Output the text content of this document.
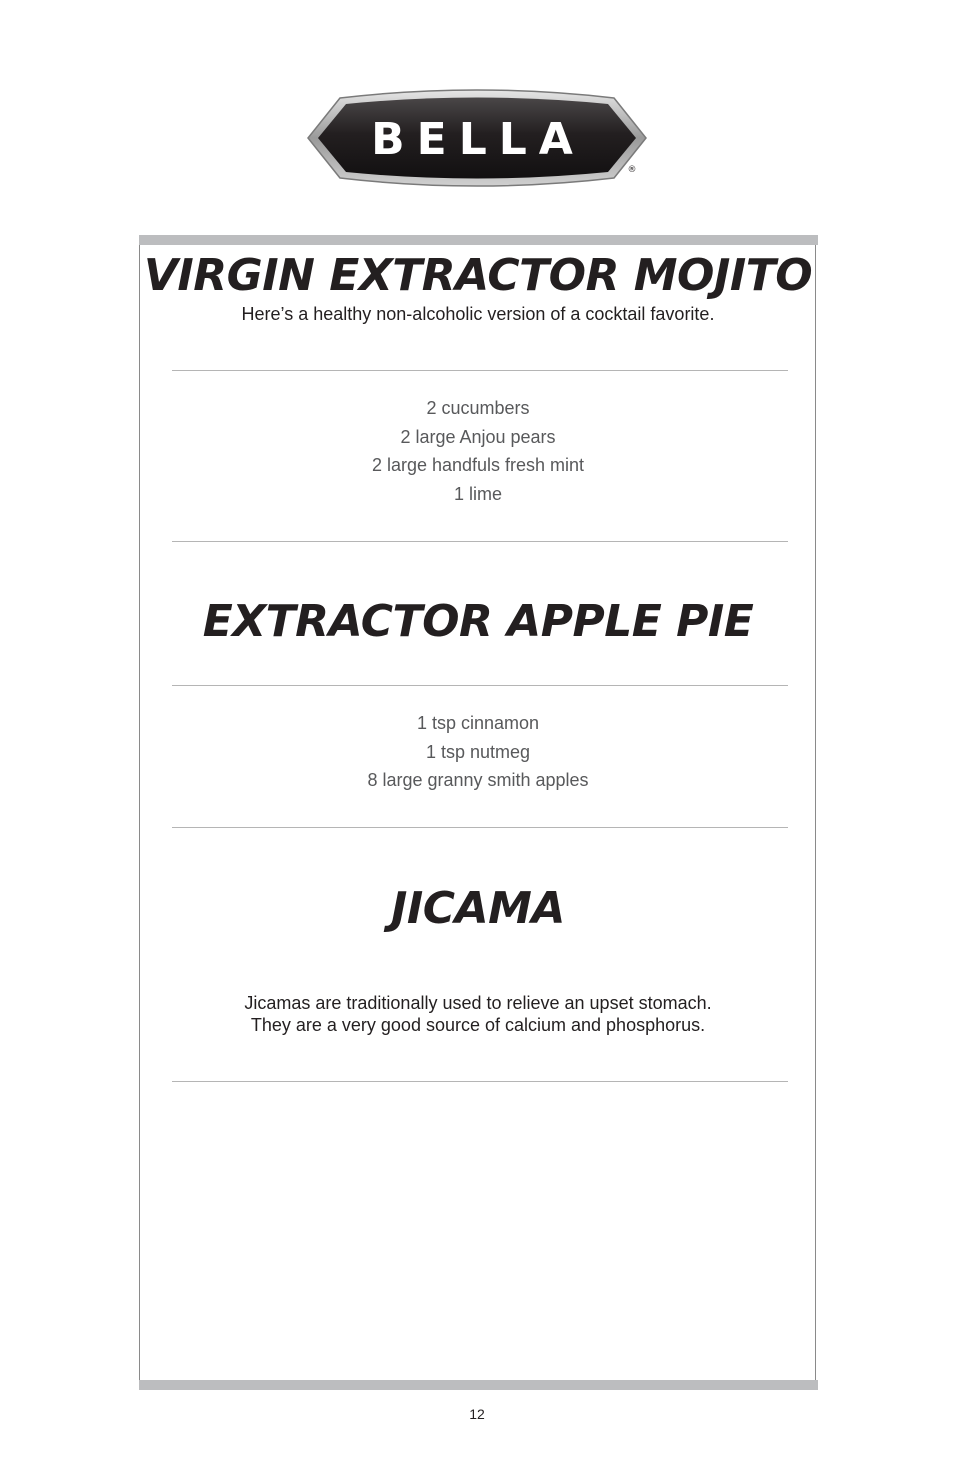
BELLA
®
VIRGIN EXTRACTOR MOJITO

Here’s a healthy non-alcoholic version of a cocktail favorite.

2 cucumbers
2 large Anjou pears
2 large handfuls fresh mint
1 lime
EXTRACTOR APPLE PIE
1 tsp cinnamon
1 tsp nutmeg
8 large granny smith apples
JICAMA

Jicamas are traditionally used to relieve an upset stomach.
They are a very good source of calcium and phosphorus.

12
